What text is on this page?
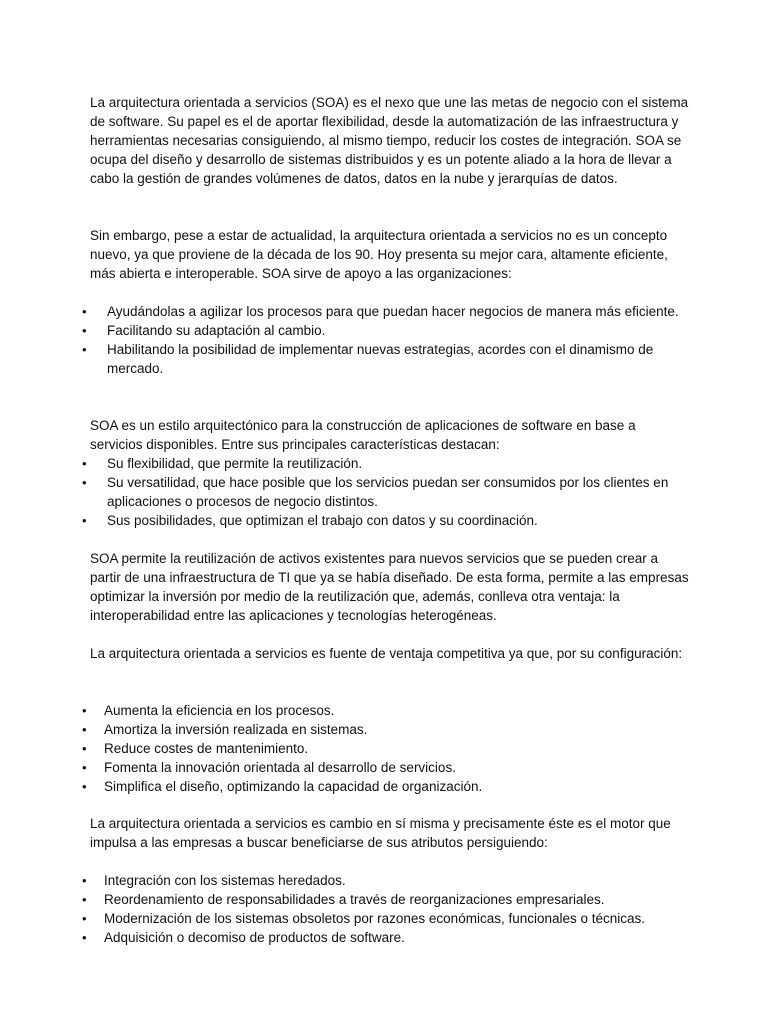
La arquitectura orientada a servicios (SOA) es el nexo que une las metas de negocio con el sistema de software. Su papel es el de aportar flexibilidad, desde la automatización de las infraestructura y herramientas necesarias consiguiendo, al mismo tiempo, reducir los costes de integración. SOA se ocupa del diseño y desarrollo de sistemas distribuidos y es un potente aliado a la hora de llevar a cabo la gestión de grandes volúmenes de datos, datos en la nube y jerarquías de datos.

Sin embargo, pese a estar de actualidad, la arquitectura orientada a servicios no es un concepto nuevo, ya que proviene de la década de los 90. Hoy presenta su mejor cara, altamente eficiente, más abierta e interoperable. SOA sirve de apoyo a las organizaciones:

•	Ayudándolas a agilizar los procesos para que puedan hacer negocios de manera más eficiente.
•	Facilitando su adaptación al cambio.
•	Habilitando la posibilidad de implementar nuevas estrategias, acordes con el dinamismo de mercado.

SOA es un estilo arquitectónico para la construcción de aplicaciones de software en base a servicios disponibles. Entre sus principales características destacan:

•	Su flexibilidad, que permite la reutilización.
•	Su versatilidad, que hace posible que los servicios puedan ser consumidos por los clientes en aplicaciones o procesos de negocio distintos.
•	Sus posibilidades, que optimizan el trabajo con datos y su coordinación.

SOA permite la reutilización de activos existentes para nuevos servicios que se pueden crear a partir de una infraestructura de TI que ya se había diseñado. De esta forma, permite a las empresas optimizar la inversión por medio de la reutilización que, además, conlleva otra ventaja: la interoperabilidad entre las aplicaciones y tecnologías heterogéneas.

La arquitectura orientada a servicios es fuente de ventaja competitiva ya que, por su configuración:

•	Aumenta la eficiencia en los procesos.
•	Amortiza la inversión realizada en sistemas.
•	Reduce costes de mantenimiento.
•	Fomenta la innovación orientada al desarrollo de servicios.
•	Simplifica el diseño, optimizando la capacidad de organización.

La arquitectura orientada a servicios es cambio en sí misma y precisamente éste es el motor que impulsa a las empresas a buscar beneficiarse de sus atributos persiguiendo:

•	Integración con los sistemas heredados.
•	Reordenamiento de responsabilidades a través de reorganizaciones empresariales.
•	Modernización de los sistemas obsoletos por razones económicas, funcionales o técnicas.
•	Adquisición o decomiso de productos de software.
